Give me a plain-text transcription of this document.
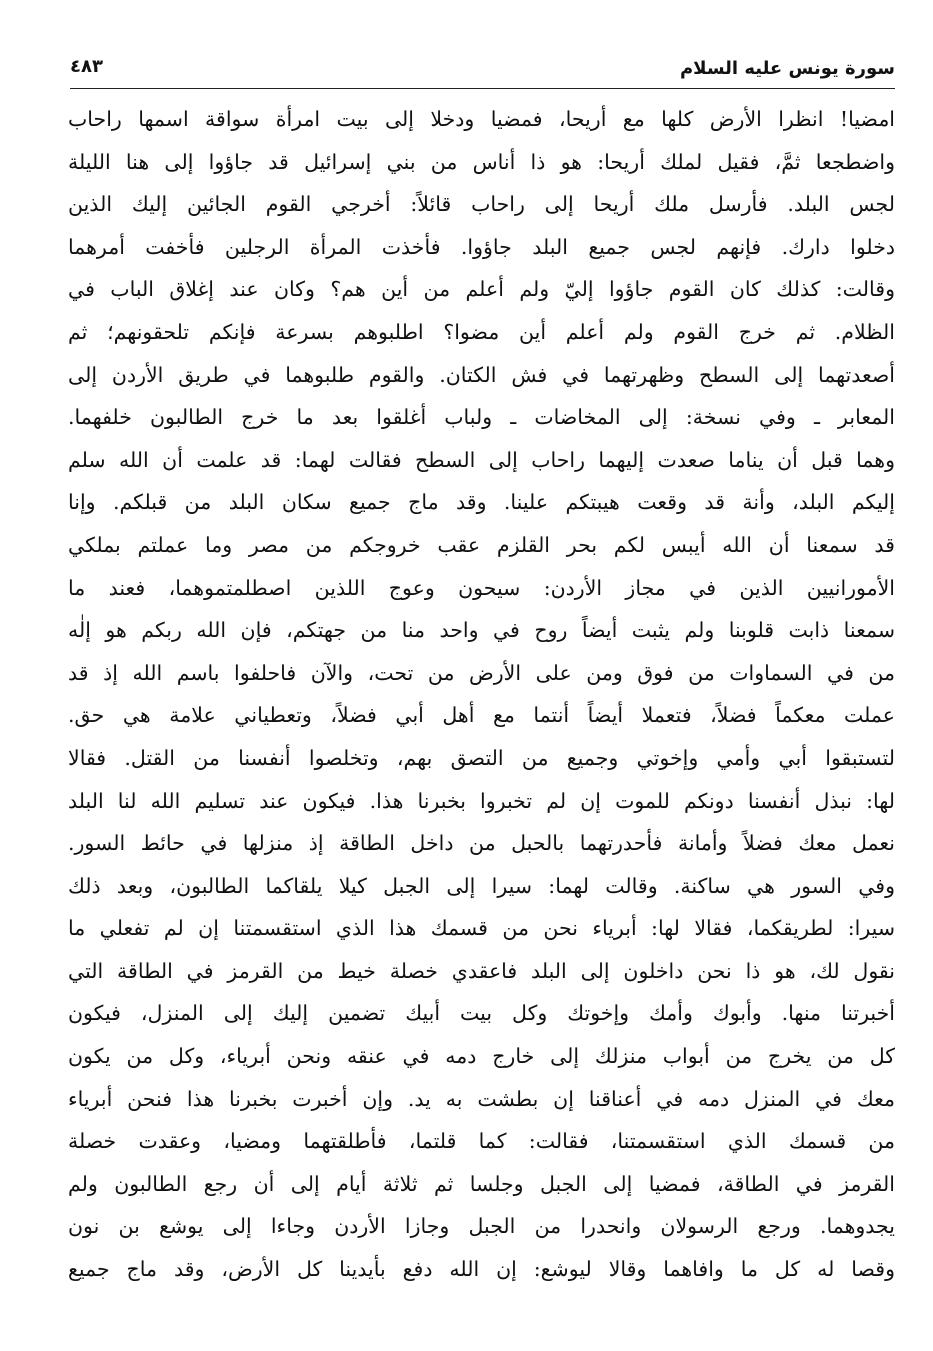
سورة يونس عليه السلام
٤٨٣
امضيا! انظرا الأرض كلها مع أريحا، فمضيا ودخلا إلى بيت امرأة سواقة اسمها راحاب
واضطجعا ثمَّ، فقيل لملك أريحا: هو ذا أناس من بني إسرائيل قد جاؤوا إلى هنا الليلة
لجس البلد. فأرسل ملك أريحا إلى راحاب قائلاً: أخرجي القوم الجائين إليك الذين
دخلوا دارك. فإنهم لجس جميع البلد جاؤوا. فأخذت المرأة الرجلين فأخفت أمرهما
وقالت: كذلك كان القوم جاؤوا إليّ ولم أعلم من أين هم؟ وكان عند إغلاق الباب في
الظلام. ثم خرج القوم ولم أعلم أين مضوا؟ اطلبوهم بسرعة فإنكم تلحقونهم؛ ثم
أصعدتهما إلى السطح وظهرتهما في فش الكتان. والقوم طلبوهما في طريق الأردن إلى
المعابر ـ وفي نسخة: إلى المخاضات ـ ولباب أغلقوا بعد ما خرج الطالبون خلفهما.
وهما قبل أن يناما صعدت إليهما راحاب إلى السطح فقالت لهما: قد علمت أن الله سلم
إليكم البلد، وأنة قد وقعت هيبتكم علينا. وقد ماج جميع سكان البلد من قبلكم. وإنا
قد سمعنا أن الله أيبس لكم بحر القلزم عقب خروجكم من مصر وما عملتم بملكي
الأمورانيين الذين في مجاز الأردن: سيحون وعوج اللذين اصطلمتموهما، فعند ما
سمعنا ذابت قلوبنا ولم يثبت أيضاً روح في واحد منا من جهتكم، فإن الله ربكم هو إلٰه
من في السماوات من فوق ومن على الأرض من تحت، والآن فاحلفوا باسم الله إذ قد
عملت معكماً فضلاً، فتعملا أيضاً أنتما مع أهل أبي فضلاً، وتعطياني علامة هي حق.
لتستبقوا أبي وأمي وإخوتي وجميع من التصق بهم، وتخلصوا أنفسنا من القتل. فقالا
لها: نبذل أنفسنا دونكم للموت إن لم تخبروا بخبرنا هذا. فيكون عند تسليم الله لنا البلد
نعمل معك فضلاً وأمانة فأحدرتهما بالحبل من داخل الطاقة إذ منزلها في حائط السور.
وفي السور هي ساكنة. وقالت لهما: سيرا إلى الجبل كيلا يلقاكما الطالبون، وبعد ذلك
سيرا: لطريقكما، فقالا لها: أبرياء نحن من قسمك هذا الذي استقسمتنا إن لم تفعلي ما
نقول لك، هو ذا نحن داخلون إلى البلد فاعقدي خصلة خيط من القرمز في الطاقة التي
أخبرتنا منها. وأبوك وأمك وإخوتك وكل بيت أبيك تضمين إليك إلى المنزل، فيكون
كل من يخرج من أبواب منزلك إلى خارج دمه في عنقه ونحن أبرياء، وكل من يكون
معك في المنزل دمه في أعناقنا إن بطشت به يد. وإن أخبرت بخبرنا هذا فنحن أبرياء
من قسمك الذي استقسمتنا، فقالت: كما قلتما، فأطلقتهما ومضيا، وعقدت خصلة
القرمز في الطاقة، فمضيا إلى الجبل وجلسا ثم ثلاثة أيام إلى أن رجع الطالبون ولم
يجدوهما. ورجع الرسولان وانحدرا من الجبل وجازا الأردن وجاءا إلى يوشع بن نون
وقصا له كل ما وافاهما وقالا ليوشع: إن الله دفع بأيدينا كل الأرض، وقد ماج جميع
